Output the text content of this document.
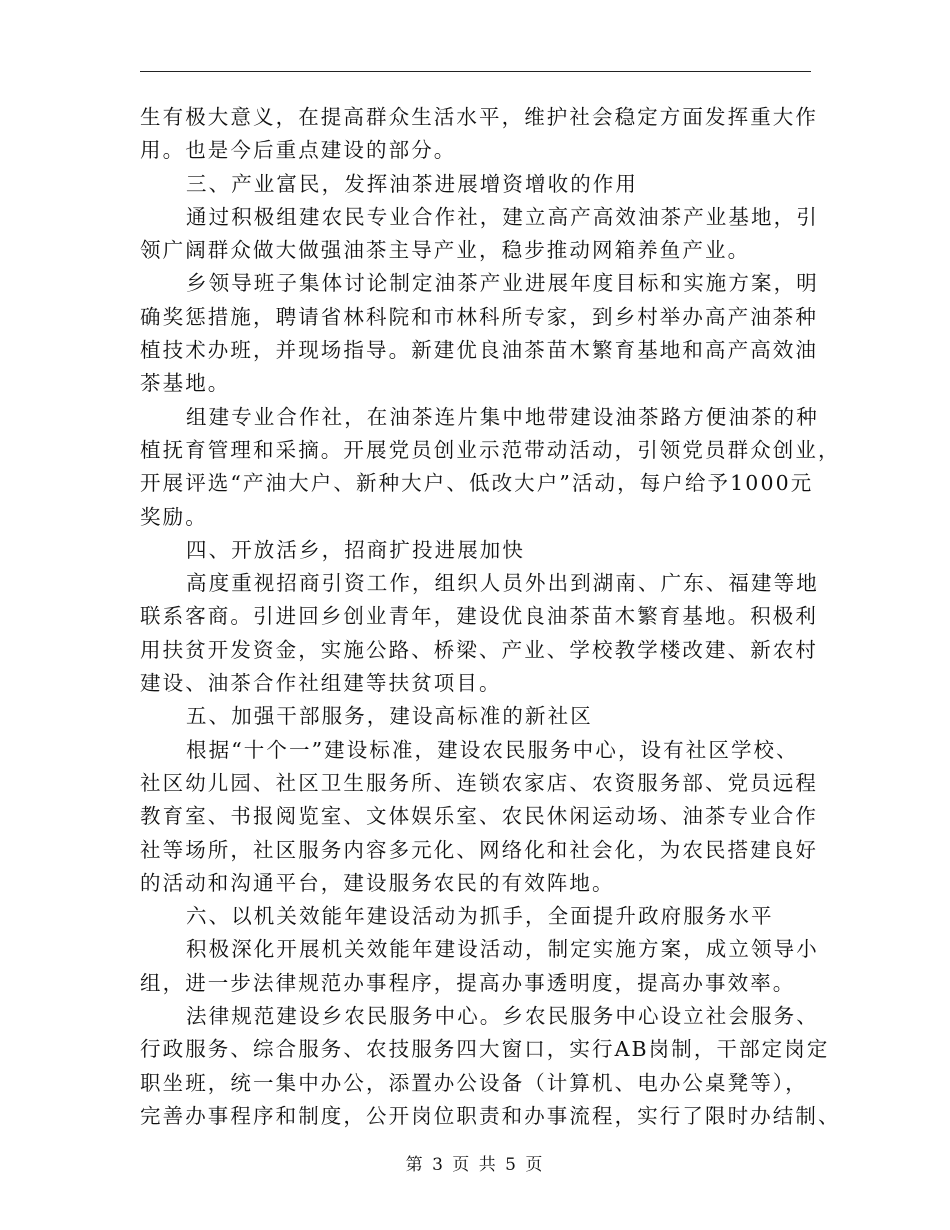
生有极大意义，在提高群众生活水平，维护社会稳定方面发挥重大作
用。也是今后重点建设的部分。
三、产业富民，发挥油茶进展增资增收的作用
通过积极组建农民专业合作社，建立高产高效油茶产业基地，引
领广阔群众做大做强油茶主导产业，稳步推动网箱养鱼产业。
乡领导班子集体讨论制定油茶产业进展年度目标和实施方案，明
确奖惩措施，聘请省林科院和市林科所专家，到乡村举办高产油茶种
植技术办班，并现场指导。新建优良油茶苗木繁育基地和高产高效油
茶基地。
组建专业合作社，在油茶连片集中地带建设油茶路方便油茶的种
植抚育管理和采摘。开展党员创业示范带动活动，引领党员群众创业，
开展评选“产油大户、新种大户、低改大户”活动，每户给予1000元
奖励。
四、开放活乡，招商扩投进展加快
高度重视招商引资工作，组织人员外出到湖南、广东、福建等地
联系客商。引进回乡创业青年，建设优良油茶苗木繁育基地。积极利
用扶贫开发资金，实施公路、桥梁、产业、学校教学楼改建、新农村
建设、油茶合作社组建等扶贫项目。
五、加强干部服务，建设高标准的新社区
根据“十个一”建设标准，建设农民服务中心，设有社区学校、
社区幼儿园、社区卫生服务所、连锁农家店、农资服务部、党员远程
教育室、书报阅览室、文体娱乐室、农民休闲运动场、油茶专业合作
社等场所，社区服务内容多元化、网络化和社会化，为农民搭建良好
的活动和沟通平台，建设服务农民的有效阵地。
六、以机关效能年建设活动为抓手，全面提升政府服务水平
积极深化开展机关效能年建设活动，制定实施方案，成立领导小
组，进一步法律规范办事程序，提高办事透明度，提高办事效率。
法律规范建设乡农民服务中心。乡农民服务中心设立社会服务、
行政服务、综合服务、农技服务四大窗口，实行AB岗制，干部定岗定
职坐班，统一集中办公，添置办公设备（计算机、电办公桌凳等），
完善办事程序和制度，公开岗位职责和办事流程，实行了限时办结制、
第 3 页 共 5 页
